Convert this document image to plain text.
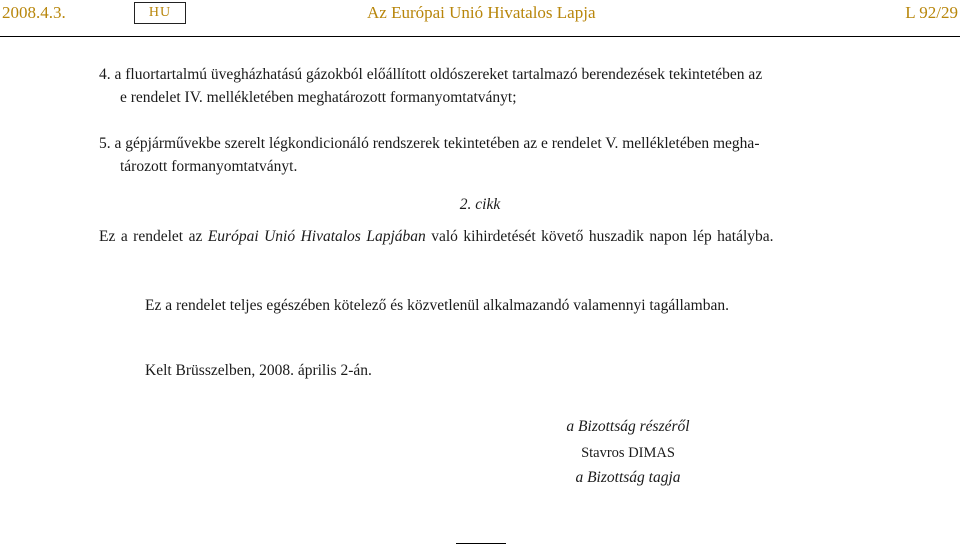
2008.4.3.	HU	Az Európai Unió Hivatalos Lapja	L 92/29
4. a fluortartalmú üvegházhatású gázokból előállított oldószereket tartalmazó berendezések tekintetében az
e rendelet IV. mellékletében meghatározott formanyomtatványt;
5. a gépjárművekbe szerelt légkondicionáló rendszerek tekintetében az e rendelet V. mellékletében megha-
tározott formanyomtatványt.
2. cikk
Ez a rendelet az Európai Unió Hivatalos Lapjában való kihirdetését követő huszadik napon lép hatályba.
Ez a rendelet teljes egészében kötelező és közvetlenül alkalmazandó valamennyi tagállamban.
Kelt Brüsszelben, 2008. április 2-án.
a Bizottság részéről
Stavros DIMAS
a Bizottság tagja
